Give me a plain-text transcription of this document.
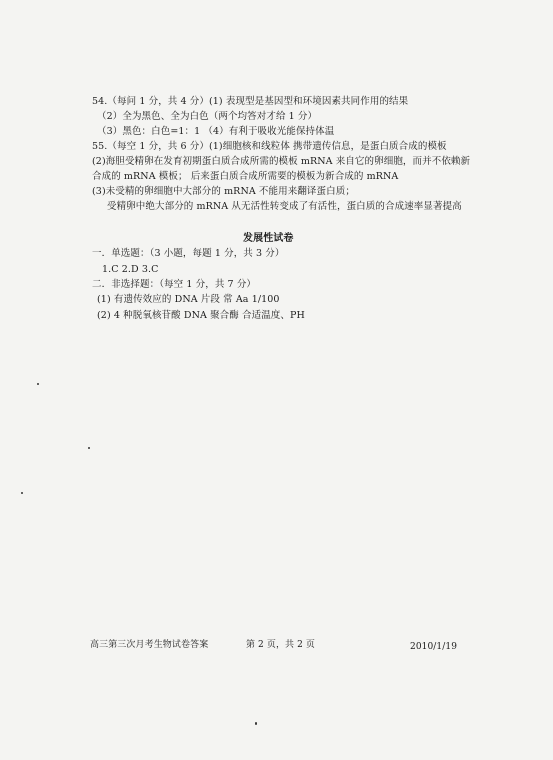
54.（每问 1 分，共 4 分）(1) 表现型是基因型和环境因素共同作用的结果
（2）全为黑色、全为白色（两个均答对才给 1 分）
（3）黑色：白色=1：1 （4）有利于吸收光能保持体温
55.（每空 1 分，共 6 分）(1)细胞核和线粒体 携带遗传信息，是蛋白质合成的模板
(2)海胆受精卵在发育初期蛋白质合成所需的模板 mRNA 来自它的卵细胞，而并不依赖新
合成的 mRNA 模板； 后来蛋白质合成所需要的模板为新合成的 mRNA
(3)未受精的卵细胞中大部分的 mRNA 不能用来翻译蛋白质；
受精卵中绝大部分的 mRNA 从无活性转变成了有活性，蛋白质的合成速率显著提高
发展性试卷
一．单选题：（3 小题，每题 1 分，共 3 分）
1.C 2.D 3.C
二．非选择题：（每空 1 分，共 7 分）
(1) 有遗传效应的 DNA 片段 常 Aa 1/100
(2) 4 种脱氧核苷酸 DNA 聚合酶 合适温度、PH
高三第三次月考生物试卷答案	第 2 页，共 2 页	2010/1/19
